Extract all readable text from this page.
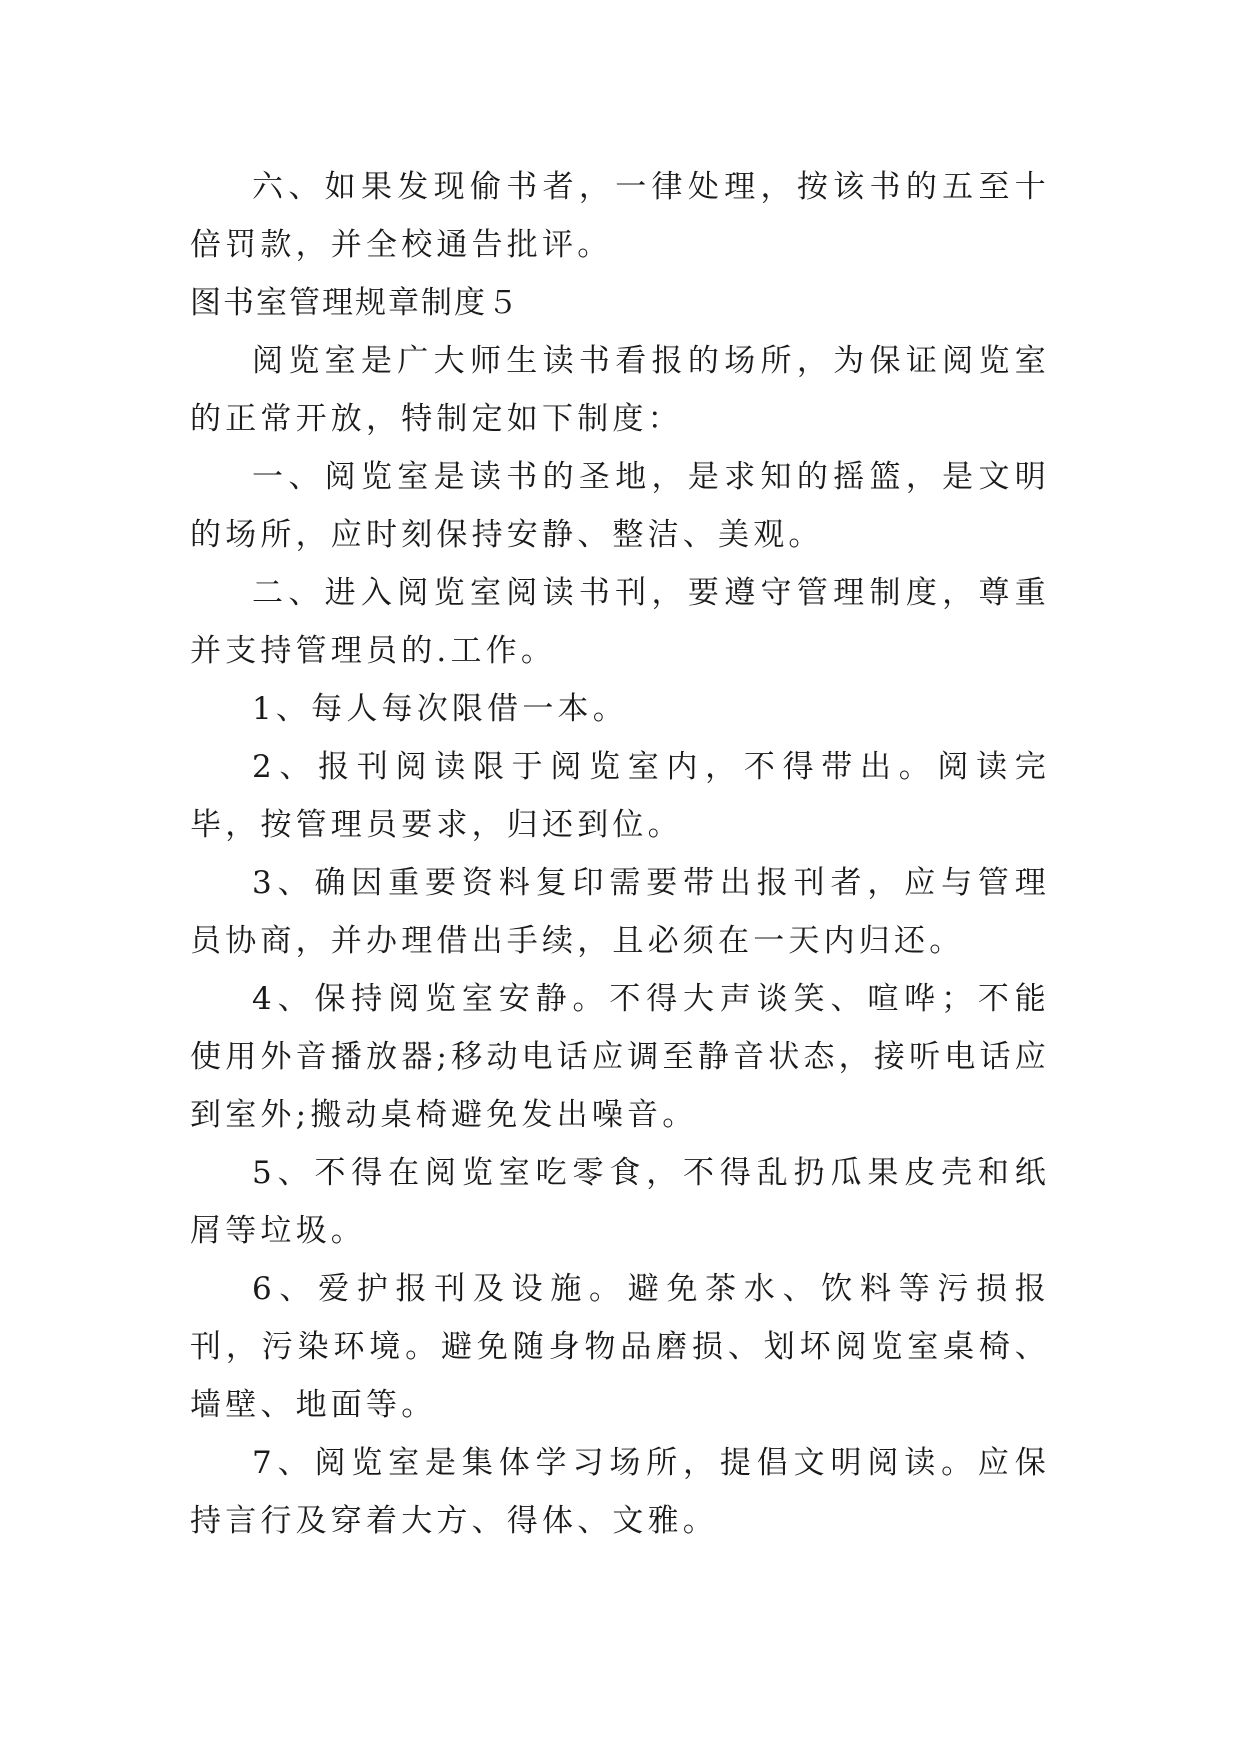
六、如果发现偷书者，一律处理，按该书的五至十倍罚款，并全校通告批评。

图书室管理规章制度５

阅览室是广大师生读书看报的场所，为保证阅览室的正常开放，特制定如下制度：

一、阅览室是读书的圣地，是求知的摇篮，是文明的场所，应时刻保持安静、整洁、美观。

二、进入阅览室阅读书刊，要遵守管理制度，尊重并支持管理员的.工作。

1、每人每次限借一本。

2、报刊阅读限于阅览室内，不得带出。阅读完毕，按管理员要求，归还到位。

3、确因重要资料复印需要带出报刊者，应与管理员协商，并办理借出手续，且必须在一天内归还。

4、保持阅览室安静。不得大声谈笑、喧哗；不能使用外音播放器;移动电话应调至静音状态，接听电话应到室外;搬动桌椅避免发出噪音。

5、不得在阅览室吃零食，不得乱扔瓜果皮壳和纸屑等垃圾。

6、爱护报刊及设施。避免茶水、饮料等污损报刊，污染环境。避免随身物品磨损、划坏阅览室桌椅、墙壁、地面等。

7、阅览室是集体学习场所，提倡文明阅读。应保持言行及穿着大方、得体、文雅。
